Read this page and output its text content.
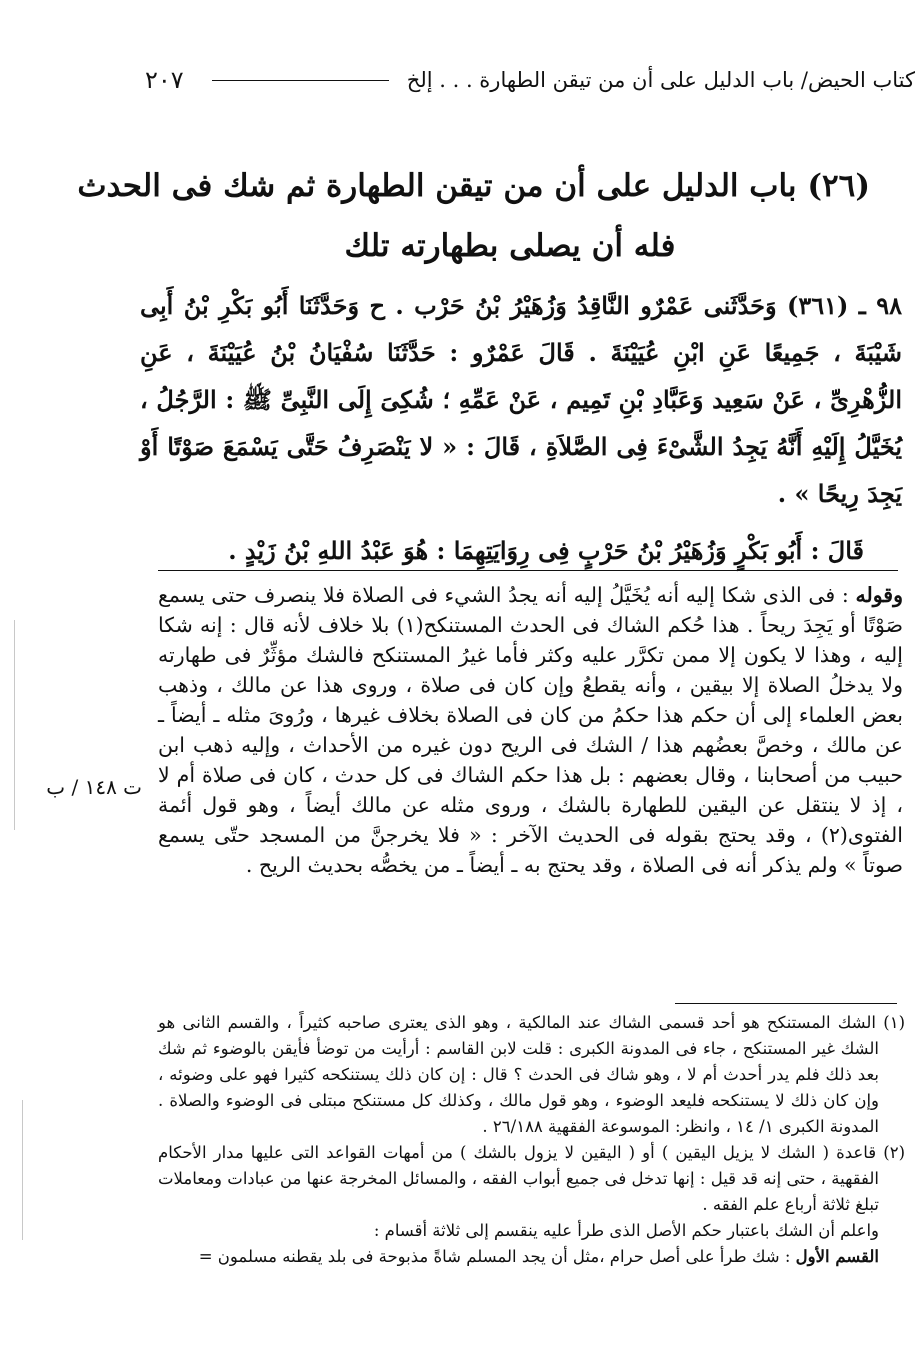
كتاب الحيض/ باب الدليل على أن من تيقن الطهارة . . . إلخ
٢٠٧
(٢٦) باب الدليل على أن من تيقن الطهارة ثم شك فى الحدث
فله أن يصلى بطهارته تلك

٩٨ ـ (٣٦١) وَحَدَّثَنى عَمْرٌو النَّاقِدُ وَزُهَيْرُ بْنُ حَرْب . ح وَحَدَّثَنَا أَبُو بَكْرِ بْنُ أَبِى شَيْبَةَ ، جَمِيعًا عَنِ ابْنِ عُيَيْنَةَ . قَالَ عَمْرٌو : حَدَّثَنَا سُفْيَانُ بْنُ عُيَيْنَةَ ، عَنِ الزُّهْرِىِّ ، عَنْ سَعِيد وَعَبَّادِ بْنِ تَمِيم ، عَنْ عَمِّهِ ؛ شُكِىَ إِلَى النَّبِىِّ ﷺ : الرَّجُلُ ، يُخَيَّلُ إِلَيْهِ أَنَّهُ يَجِدُ الشَّىْءَ فِى الصَّلاَةِ ، قَالَ : « لا يَنْصَرِفُ حَتَّى يَسْمَعَ صَوْتًا أَوْ يَجِدَ رِيحًا » .

قَالَ : أَبُو بَكْرٍ وَزُهَيْرُ بْنُ حَرْبٍ فِى رِوَايَتِهِمَا : هُوَ عَبْدُ اللهِ بْنُ زَيْدٍ .

وقوله : فى الذى شكا إليه أنه يُخَيَّلُ إليه أنه يجدُ الشيء فى الصلاة فلا ينصرف حتى يسمع صَوْتًا أو يَجِدَ ريحاً . هذا حُكم الشاك فى الحدث المستنكح(١) بلا خلاف لأنه قال : إنه شكا إليه ، وهذا لا يكون إلا ممن تكرَّر عليه وكثر فأما غيرُ المستنكح فالشك مؤثِّرٌ فى طهارته ولا يدخلُ الصلاة إلا بيقين ، وأنه يقطعُ وإن كان فى صلاة ، وروى هذا عن مالك ، وذهب بعض العلماء إلى أن حكم هذا حكمُ من كان فى الصلاة بخلاف غيرها ، ورُوىَ مثله ـ أيضاً ـ عن مالك ، وخصَّ بعضُهم هذا / الشك فى الريح دون غيره من الأحداث ، وإليه ذهب ابن حبيب من أصحابنا ، وقال بعضهم : بل هذا حكم الشاك فى كل حدث ، كان فى صلاة أم لا ، إذ لا ينتقل عن اليقين للطهارة بالشك ، وروى مثله عن مالك أيضاً ، وهو قول أئمة الفتوى(٢) ، وقد يحتج بقوله فى الحديث الآخر : « فلا يخرجنَّ من المسجد حتّى يسمع صوتاً » ولم يذكر أنه فى الصلاة ، وقد يحتج به ـ أيضاً ـ من يخصُّه بحديث الريح .

ت ١٤٨ / ب

(١) الشك المستنكح هو أحد قسمى الشاك عند المالكية ، وهو الذى يعترى صاحبه كثيراً ، والقسم الثانى هو الشك غير المستنكح ، جاء فى المدونة الكبرى : قلت لابن القاسم : أرأيت من توضأ فأيقن بالوضوء ثم شك بعد ذلك فلم يدر أحدث أم لا ، وهو شاك فى الحدث ؟ قال : إن كان ذلك يستنكحه كثيرا فهو على وضوئه ، وإن كان ذلك لا يستنكحه فليعد الوضوء ، وهو قول مالك ، وكذلك كل مستنكح مبتلى فى الوضوء والصلاة . المدونة الكبرى ١/ ١٤ ، وانظر: الموسوعة الفقهية ٢٦/١٨٨ .

(٢) قاعدة ( الشك لا يزيل اليقين ) أو ( اليقين لا يزول بالشك ) من أمهات القواعد التى عليها مدار الأحكام الفقهية ، حتى إنه قد قيل : إنها تدخل فى جميع أبواب الفقه ، والمسائل المخرجة عنها من عبادات ومعاملات تبلغ ثلاثة أرباع علم الفقه .

واعلم أن الشك باعتبار حكم الأصل الذى طرأ عليه ينقسم إلى ثلاثة أقسام :

القسم الأول : شك طرأ على أصل حرام ،مثل أن يجد المسلم شاةً مذبوحة فى بلد يقطنه مسلمون =
